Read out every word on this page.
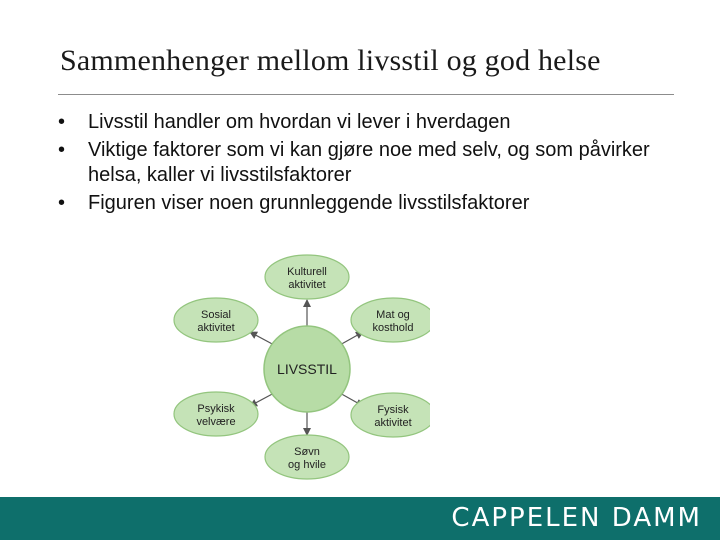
Sammenhenger mellom livsstil og god helse
• Livsstil handler om hvordan vi lever i hverdagen
• Viktige faktorer som vi kan gjøre noe med selv, og som påvirker helsa, kaller vi livsstilsfaktorer
• Figuren viser noen grunnleggende livsstilsfaktorer
LIVSSTIL
Kulturell
aktivitet
Mat og
kosthold
Fysisk
aktivitet
Søvn
og hvile
Psykisk
velvære
Sosial
aktivitet
CAPPELEN DAMM
